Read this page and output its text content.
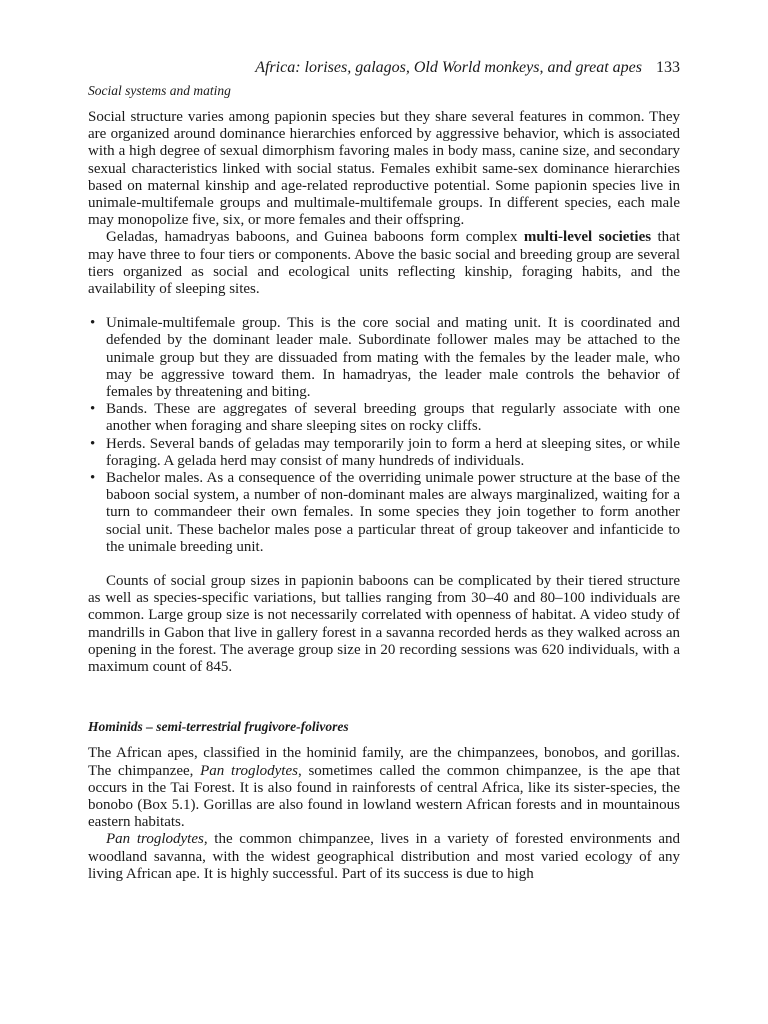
Africa: lorises, galagos, Old World monkeys, and great apes 133
Social systems and mating

Social structure varies among papionin species but they share several features in common. They are organized around dominance hierarchies enforced by aggressive behavior, which is associated with a high degree of sexual dimorphism favoring males in body mass, canine size, and secondary sexual characteristics linked with social status. Females exhibit same-sex dominance hierarchies based on maternal kinship and age-related reproductive potential. Some papionin species live in unimale-multifemale groups and multimale-multifemale groups. In different species, each male may monopolize five, six, or more females and their offspring.

Geladas, hamadryas baboons, and Guinea baboons form complex multi-level societies that may have three to four tiers or components. Above the basic social and breeding group are several tiers organized as social and ecological units reflecting kinship, foraging habits, and the availability of sleeping sites.

• Unimale-multifemale group. This is the core social and mating unit. It is coordinated and defended by the dominant leader male. Subordinate follower males may be attached to the unimale group but they are dissuaded from mating with the females by the leader male, who may be aggressive toward them. In hamadryas, the leader male controls the behavior of females by threatening and biting.
• Bands. These are aggregates of several breeding groups that regularly associate with one another when foraging and share sleeping sites on rocky cliffs.
• Herds. Several bands of geladas may temporarily join to form a herd at sleeping sites, or while foraging. A gelada herd may consist of many hundreds of individuals.
• Bachelor males. As a consequence of the overriding unimale power structure at the base of the baboon social system, a number of non-dominant males are always marginalized, waiting for a turn to commandeer their own females. In some species they join together to form another social unit. These bachelor males pose a particular threat of group takeover and infanticide to the unimale breeding unit.

Counts of social group sizes in papionin baboons can be complicated by their tiered structure as well as species-specific variations, but tallies ranging from 30–40 and 80–100 individuals are common. Large group size is not necessarily correlated with openness of habitat. A video study of mandrills in Gabon that live in gallery forest in a savanna recorded herds as they walked across an opening in the forest. The average group size in 20 recording sessions was 620 individuals, with a maximum count of 845.

Hominids – semi-terrestrial frugivore-folivores

The African apes, classified in the hominid family, are the chimpanzees, bonobos, and gorillas. The chimpanzee, Pan troglodytes, sometimes called the common chimpanzee, is the ape that occurs in the Tai Forest. It is also found in rainforests of central Africa, like its sister-species, the bonobo (Box 5.1). Gorillas are also found in lowland western African forests and in mountainous eastern habitats.

Pan troglodytes, the common chimpanzee, lives in a variety of forested environments and woodland savanna, with the widest geographical distribution and most varied ecology of any living African ape. It is highly successful. Part of its success is due to high
